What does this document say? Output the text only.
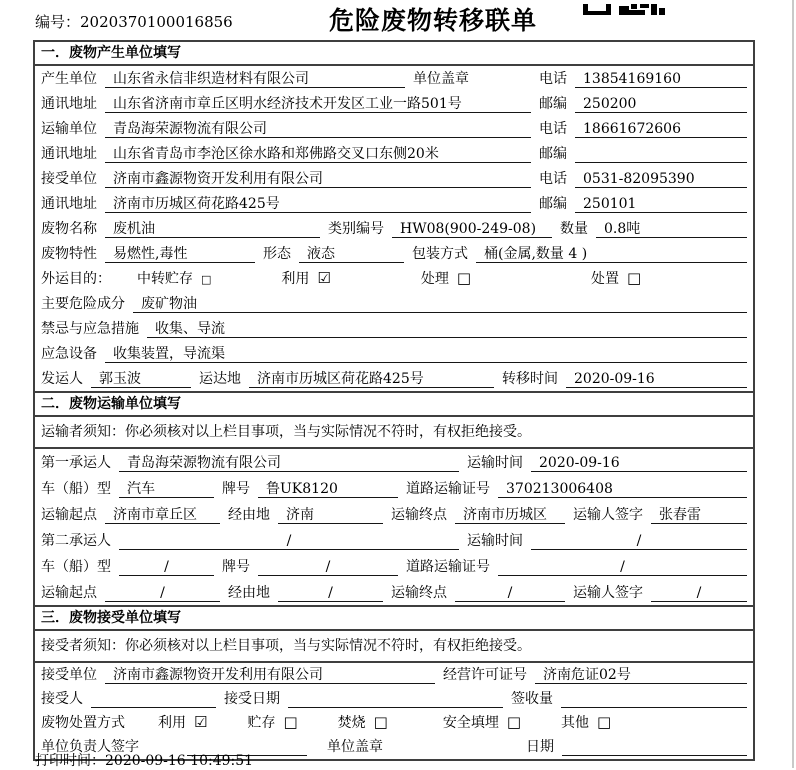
编号：2020370100016856	危险废物转移联单
一．废物产生单位填写
产生单位	山东省永信非织造材料有限公司	单位盖章	电话	13854169160
通讯地址	山东省济南市章丘区明水经济技术开发区工业一路501号	邮编	250200
运输单位	青岛海荣源物流有限公司	电话	18661672606
通讯地址	山东省青岛市李沧区徐水路和郑佛路交叉口东侧20米	邮编
接受单位	济南市鑫源物资开发利用有限公司	电话	0531-82095390
通讯地址	济南市历城区荷花路425号	邮编	250101
废物名称	废机油	类别编号	HW08(900-249-08)	数量	0.8吨
废物特性	易燃性,毒性	形态	液态	包装方式	桶(金属,数量 4 )
外运目的： 中转贮存 □	利用 ☑	处理 □	处置 □
主要危险成分	废矿物油
禁忌与应急措施	收集、导流
应急设备	收集装置，导流渠
发运人	郭玉波	运达地	济南市历城区荷花路425号	转移时间	2020-09-16
二．废物运输单位填写
运输者须知：你必须核对以上栏目事项，当与实际情况不符时，有权拒绝接受。
第一承运人	青岛海荣源物流有限公司	运输时间	2020-09-16
车（船）型	汽车	牌号	鲁UK8120	道路运输证号	370213006408
运输起点	济南市章丘区	经由地	济南	运输终点	济南市历城区	运输人签字	张春雷
第二承运人	/	运输时间	/
车（船）型	/	牌号	/	道路运输证号	/
运输起点	/	经由地	/	运输终点	/	运输人签字	/
三．废物接受单位填写
接受者须知：你必须核对以上栏目事项，当与实际情况不符时，有权拒绝接受。
接受单位	济南市鑫源物资开发利用有限公司	经营许可证号	济南危证02号
接受人	接受日期	签收量
废物处置方式 利用 ☑	贮存 □	焚烧 □	安全填埋 □	其他 □
单位负责人签字	单位盖章	日期
打印时间：2020-09-16 10:49:51
